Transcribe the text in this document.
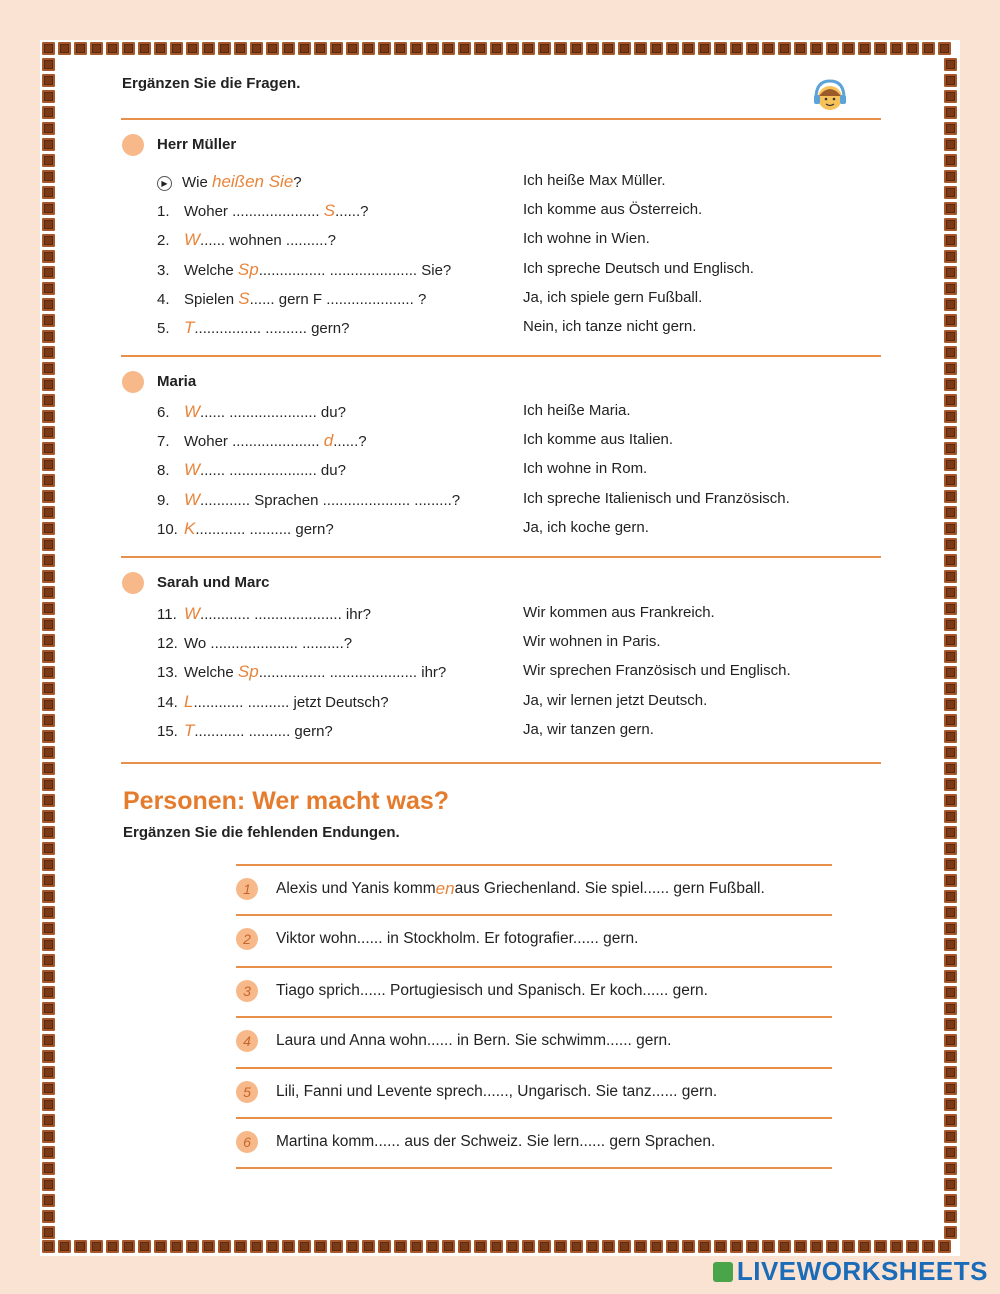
Ergänzen Sie die Fragen.
Herr Müller
▶ Wie heißen Sie?	Ich heiße Max Müller.
1. Woher ..................... S......?	Ich komme aus Österreich.
2. W...... wohnen ..........?	Ich wohne in Wien.
3. Welche Sp................ ..................... Sie?	Ich spreche Deutsch und Englisch.
4. Spielen S...... gern F ..................... ?	Ja, ich spiele gern Fußball.
5. T................ .......... gern?	Nein, ich tanze nicht gern.
Maria
6. W...... ..................... du?	Ich heiße Maria.
7. Woher ..................... d......?	Ich komme aus Italien.
8. W...... ..................... du?	Ich wohne in Rom.
9. W............ Sprachen ..................... .........?	Ich spreche Italienisch und Französisch.
10. K............ .......... gern?	Ja, ich koche gern.
Sarah und Marc
11. W............ ..................... ihr?	Wir kommen aus Frankreich.
12. Wo ..................... ..........?	Wir wohnen in Paris.
13. Welche Sp................ ..................... ihr?	Wir sprechen Französisch und Englisch.
14. L............ .......... jetzt Deutsch?	Ja, wir lernen jetzt Deutsch.
15. T............ .......... gern?	Ja, wir tanzen gern.
Personen: Wer macht was?
Ergänzen Sie die fehlenden Endungen.
1	Alexis und Yanis komm en aus Griechenland. Sie spiel...... gern Fußball.
2	Viktor wohn...... in Stockholm. Er fotografier...... gern.
3	Tiago sprich...... Portugiesisch und Spanisch. Er koch...... gern.
4	Laura und Anna wohn...... in Bern. Sie schwimm...... gern.
5	Lili, Fanni und Levente sprech......, Ungarisch. Sie tanz...... gern.
6	Martina komm...... aus der Schweiz. Sie lern...... gern Sprachen.
LIVEWORKSHEETS
